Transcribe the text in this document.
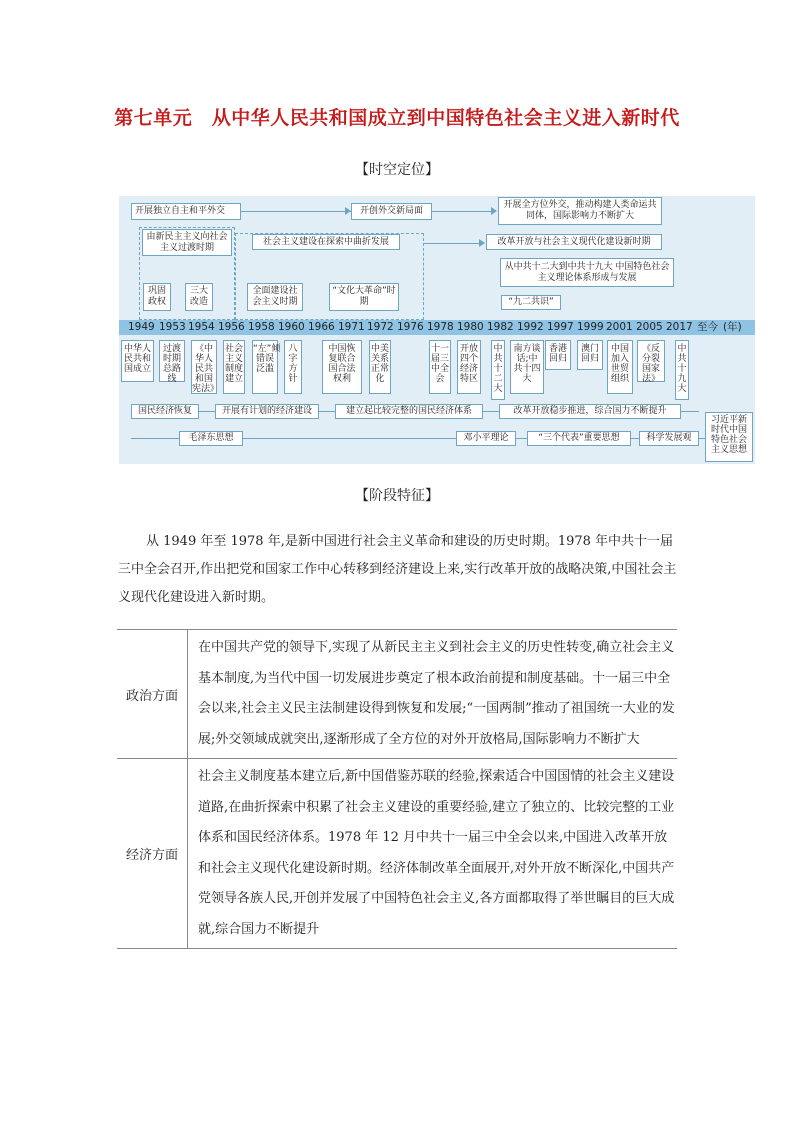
第七单元　从中华人民共和国成立到中国特色社会主义进入新时代
【时空定位】
开展独立自主和平外交	开创外交新局面
开展全方位外交，推动构建人类命运共同体，国际影响力不断扩大
由新民主主义向社会主义过渡时期
社会主义建设在探索中曲折发展	改革开放与社会主义现代化建设新时期
从中共十二大到中共十九大 中国特色社会主义理论体系形成与发展
“九二共识”
巩固政权
三大改造
全面建设社会主义时期
“文化大革命”时期
1949 1953 1954 1956 1958 1960 1966 1971 1972 1976 1978 1980 1982 1992 1997 1999 2001 2005 2017 至今 (年)
中华人民共和国成立
过渡时期总路线
《中华人民共和国宪法》
社会主义制度建立
“左”倾错误泛滥
八字方针
中国恢复联合国合法权利
中美关系正常化
十一届三中全会
开放四个经济特区
中共十二大
南方谈话;中共十四大
香港回归
澳门回归
中国加入世贸组织
《反分裂国家法》
中共十九大
国民经济恢复	开展有计划的经济建设	建立起比较完整的国民经济体系	改革开放稳步推进，综合国力不断提升
毛泽东思想	邓小平理论	“三个代表”重要思想	科学发展观
习近平新时代中国特色社会主义思想
【阶段特征】
从 1949 年至 1978 年,是新中国进行社会主义革命和建设的历史时期。1978 年中共十一届三中全会召开,作出把党和国家工作中心转移到经济建设上来,实行改革开放的战略决策,中国社会主义现代化建设进入新时期。
政治方面	在中国共产党的领导下,实现了从新民主主义到社会主义的历史性转变,确立社会主义基本制度,为当代中国一切发展进步奠定了根本政治前提和制度基础。十一届三中全会以来,社会主义民主法制建设得到恢复和发展;“一国两制”推动了祖国统一大业的发展;外交领域成就突出,逐渐形成了全方位的对外开放格局,国际影响力不断扩大
经济方面	社会主义制度基本建立后,新中国借鉴苏联的经验,探索适合中国国情的社会主义建设道路,在曲折探索中积累了社会主义建设的重要经验,建立了独立的、比较完整的工业体系和国民经济体系。1978 年 12 月中共十一届三中全会以来,中国进入改革开放和社会主义现代化建设新时期。经济体制改革全面展开,对外开放不断深化,中国共产党领导各族人民,开创并发展了中国特色社会主义,各方面都取得了举世瞩目的巨大成就,综合国力不断提升
